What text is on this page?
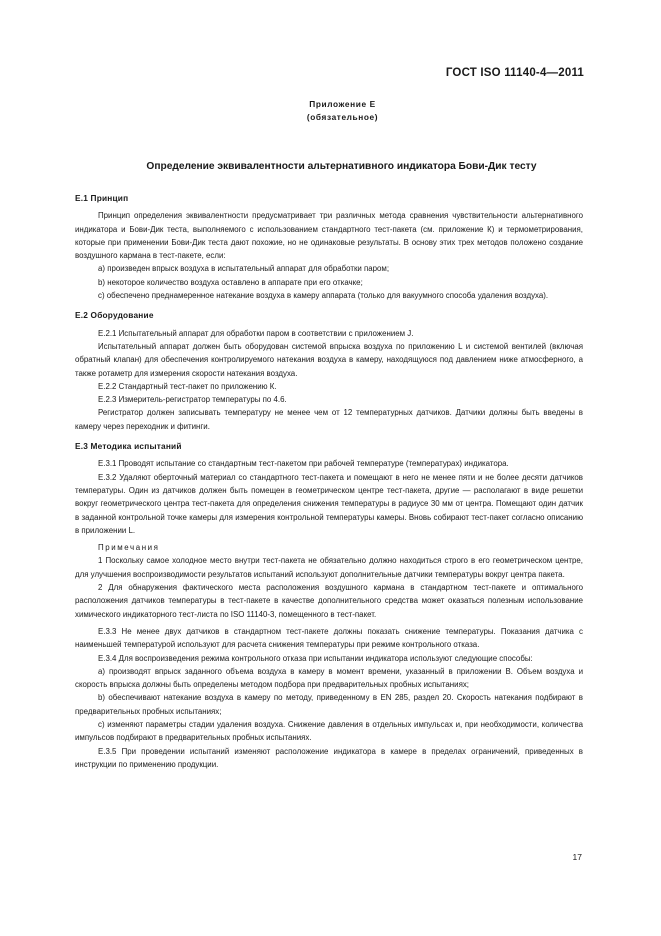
ГОСТ ISO 11140-4—2011
Приложение Е
(обязательное)
Определение эквивалентности альтернативного индикатора Бови-Дик тесту
Е.1 Принцип

Принцип определения эквивалентности предусматривает три различных метода сравнения чувствительности альтернативного индикатора и Бови-Дик теста, выполняемого с использованием стандартного тест-пакета (см. приложение К) и термометрирования, которые при применении Бови-Дик теста дают похожие, но не одинаковые результаты. В основу этих трех методов положено создание воздушного кармана в тест-пакете, если:

а) произведен впрыск воздуха в испытательный аппарат для обработки паром;

b) некоторое количество воздуха оставлено в аппарате при его откачке;

с) обеспечено преднамеренное натекание воздуха в камеру аппарата (только для вакуумного способа удаления воздуха).

Е.2 Оборудование

Е.2.1 Испытательный аппарат для обработки паром в соответствии с приложением J.

Испытательный аппарат должен быть оборудован системой впрыска воздуха по приложению L и системой вентилей (включая обратный клапан) для обеспечения контролируемого натекания воздуха в камеру, находящуюся под давлением ниже атмосферного, а также ротаметр для измерения скорости натекания воздуха.

Е.2.2 Стандартный тест-пакет по приложению К.

Е.2.3 Измеритель-регистратор температуры по 4.6.

Регистратор должен записывать температуру не менее чем от 12 температурных датчиков. Датчики должны быть введены в камеру через переходник и фитинги.

Е.3 Методика испытаний

Е.3.1 Проводят испытание со стандартным тест-пакетом при рабочей температуре (температурах) индикатора.

Е.3.2 Удаляют оберточный материал со стандартного тест-пакета и помещают в него не менее пяти и не более десяти датчиков температуры. Один из датчиков должен быть помещен в геометрическом центре тест-пакета, другие — располагают в виде решетки вокруг геометрического центра тест-пакета для определения снижения температуры в радиусе 30 мм от центра. Помещают один датчик в заданной контрольной точке камеры для измерения контрольной температуры камеры. Вновь собирают тест-пакет согласно описанию в приложении L.

Примечания

1 Поскольку самое холодное место внутри тест-пакета не обязательно должно находиться строго в его геометрическом центре, для улучшения воспроизводимости результатов испытаний используют дополнительные датчики температуры вокруг центра пакета.

2 Для обнаружения фактического места расположения воздушного кармана в стандартном тест-пакете и оптимального расположения датчиков температуры в тест-пакете в качестве дополнительного средства может оказаться полезным использование химического индикаторного тест-листа по ISO 11140-3, помещенного в тест-пакет.

Е.3.3 Не менее двух датчиков в стандартном тест-пакете должны показать снижение температуры. Показания датчика с наименьшей температурой используют для расчета снижения температуры при режиме контрольного отказа.

Е.3.4 Для воспроизведения режима контрольного отказа при испытании индикатора используют следующие способы:

а) производят впрыск заданного объема воздуха в камеру в момент времени, указанный в приложении В. Объем воздуха и скорость впрыска должны быть определены методом подбора при предварительных пробных испытаниях;

b) обеспечивают натекание воздуха в камеру по методу, приведенному в EN 285, раздел 20. Скорость натекания подбирают в предварительных пробных испытаниях;

с) изменяют параметры стадии удаления воздуха. Снижение давления в отдельных импульсах и, при необходимости, количества импульсов подбирают в предварительных пробных испытаниях.

Е.3.5 При проведении испытаний изменяют расположение индикатора в камере в пределах ограничений, приведенных в инструкции по применению продукции.

17
